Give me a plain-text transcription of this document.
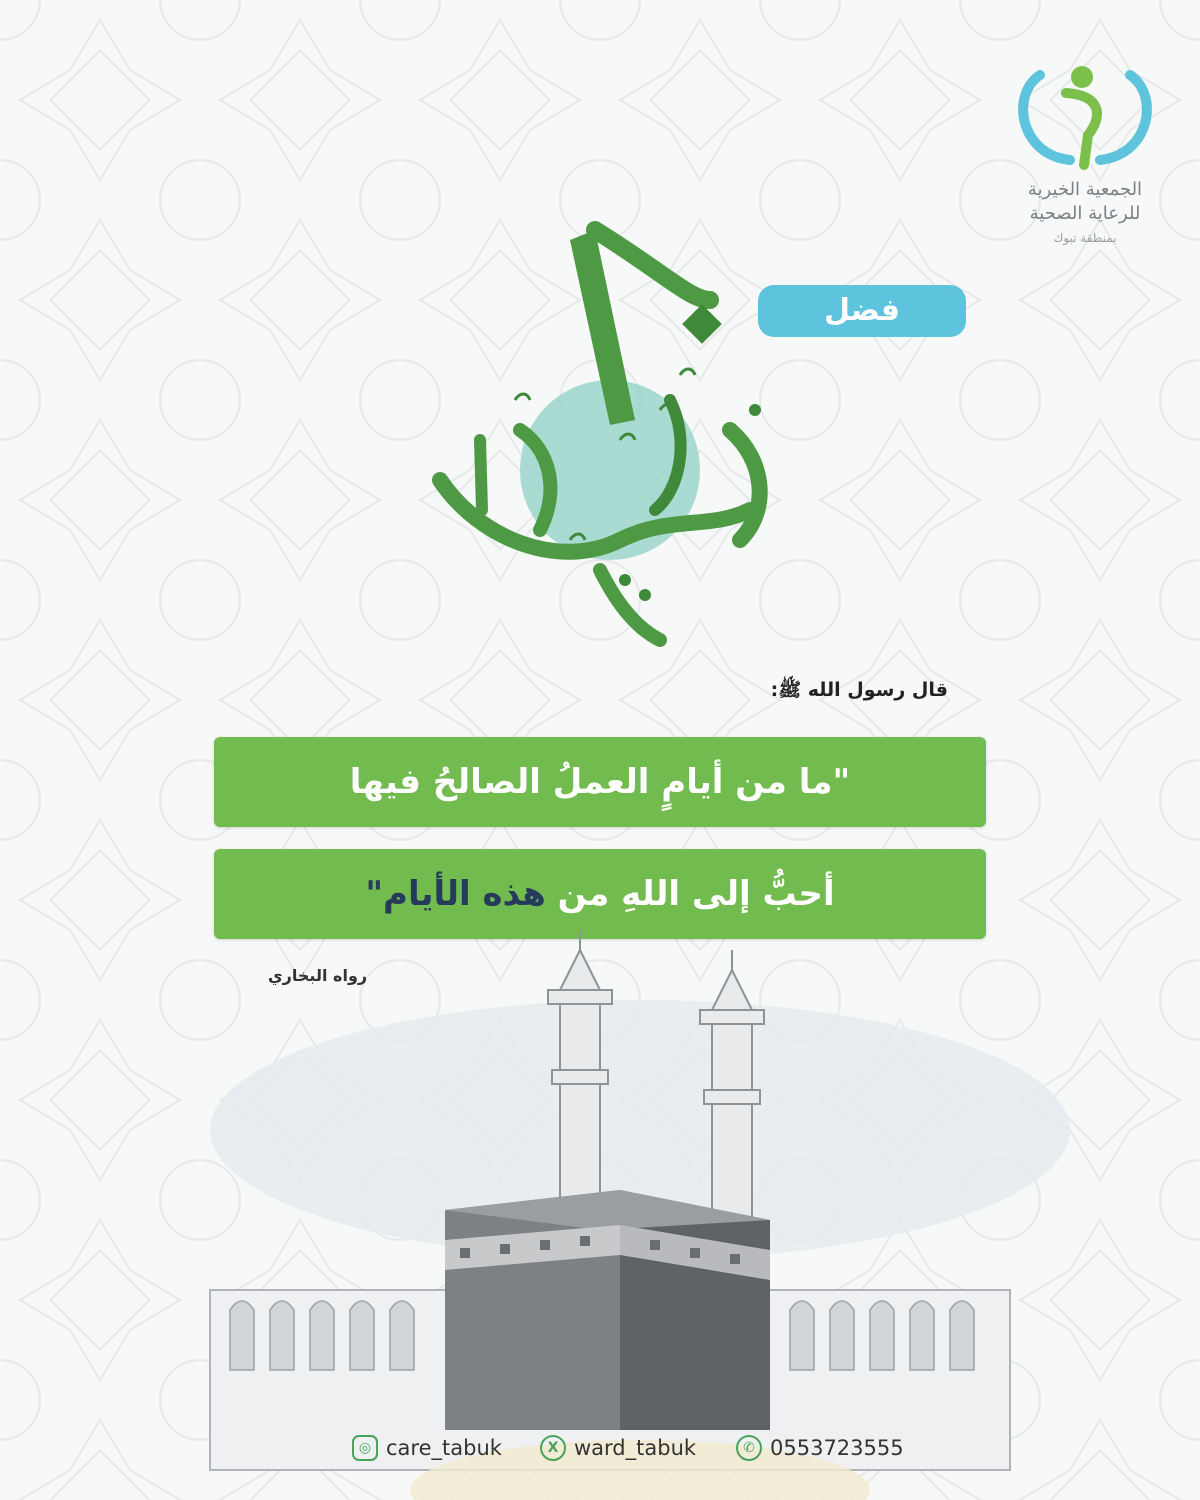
الجمعية الخيرية
للرعاية الصحية
بمنطقة تبوك
فضل
قال رسول الله ﷺ:
"ما من أيامٍ العملُ الصالحُ فيها
أحبُّ إلى اللهِ من هذه الأيام"
رواه البخاري
◎ care_tabuk	X ward_tabuk	✆ 0553723555
